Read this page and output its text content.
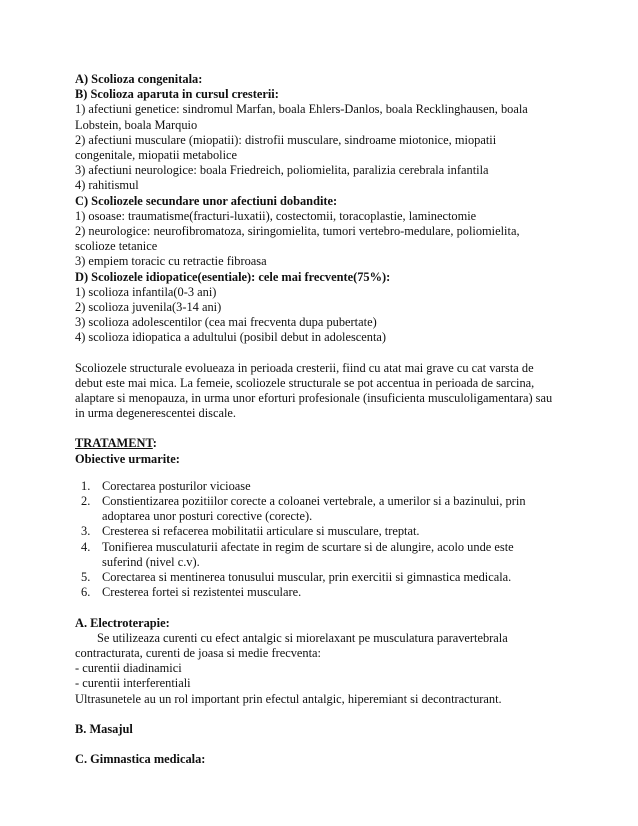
A) Scolioza congenitala:
B) Scolioza aparuta in cursul cresterii:
1) afectiuni genetice: sindromul Marfan, boala Ehlers-Danlos, boala Recklinghausen, boala
Lobstein, boala Marquio
2) afectiuni musculare (miopatii): distrofii musculare, sindroame miotonice, miopatii
congenitale, miopatii metabolice
3) afectiuni neurologice: boala Friedreich, poliomielita, paralizia cerebrala infantila
4) rahitismul
C) Scoliozele secundare unor afectiuni dobandite:
1) osoase: traumatisme(fracturi-luxatii), costectomii, toracoplastie, laminectomie
2) neurologice: neurofibromatoza, siringomielita, tumori vertebro-medulare, poliomielita,
scolioze tetanice
3) empiem toracic cu retractie fibroasa
D) Scoliozele idiopatice(esentiale): cele mai frecvente(75%):
1) scolioza infantila(0-3 ani)
2) scolioza juvenila(3-14 ani)
3) scolioza adolescentilor (cea mai frecventa dupa pubertate)
4) scolioza idiopatica a adultului (posibil debut in adolescenta)
Scoliozele structurale evolueaza in perioada cresterii, fiind cu atat mai grave cu cat varsta de
debut este mai mica. La femeie, scoliozele structurale se pot accentua in perioada de sarcina,
alaptare si menopauza, in urma unor eforturi profesionale (insuficienta musculoligamentara) sau
in urma degenerescentei discale.
TRATAMENT:
Obiective urmarite:
1. Corectarea posturilor vicioase
2. Constientizarea pozitiilor corecte a coloanei vertebrale, a umerilor si a bazinului, prin
adoptarea unor posturi corective (corecte).
3. Cresterea si refacerea mobilitatii articulare si musculare, treptat.
4. Tonifierea musculaturii afectate in regim de scurtare si de alungire, acolo unde este
suferind (nivel c.v).
5. Corectarea si mentinerea tonusului muscular, prin exercitii si gimnastica medicala.
6. Cresterea fortei si rezistentei musculare.
A. Electroterapie:
Se utilizeaza curenti cu efect antalgic si miorelaxant pe musculatura paravertebrala
contracturata, curenti de joasa si medie frecventa:
- curentii diadinamici
- curentii interferentiali
Ultrasunetele au un rol important prin efectul antalgic, hiperemiant si decontracturant.
B. Masajul
C. Gimnastica medicala:
